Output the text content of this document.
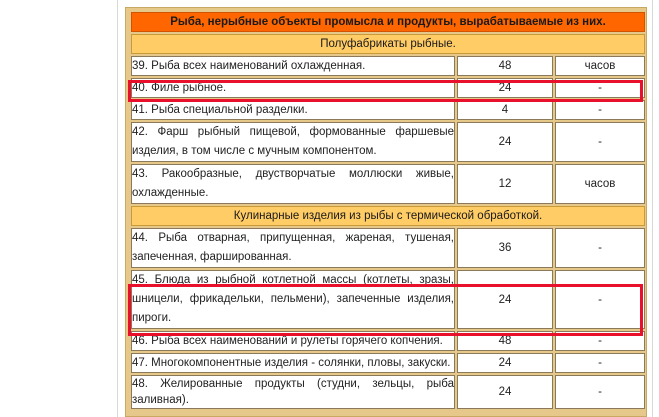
Рыба, нерыбные объекты промысла и продукты, вырабатываемые из них.		
Полуфабрикаты рыбные.		
39. Рыба всех наименований охлажденная.	48	часов
40. Филе рыбное.	24	-
41. Рыба специальной разделки.	4	-
42. Фарш рыбный пищевой, формованные фаршевые изделия, в том числе с мучным компонентом.	24	-
43. Ракообразные, двустворчатые моллюски живые, охлажденные.	12	часов
Кулинарные изделия из рыбы с термической обработкой.		
44. Рыба отварная, припущенная, жареная, тушеная, запеченная, фаршированная.	36	-
45. Блюда из рыбной котлетной массы (котлеты, зразы, шницели, фрикадельки, пельмени), запеченные изделия, пироги.	24	-
46. Рыба всех наименований и рулеты горячего копчения.	48	-
47. Многокомпонентные изделия - солянки, пловы, закуски.	24	-
48. Желированные продукты (студни, зельцы, рыба заливная).	24	-
